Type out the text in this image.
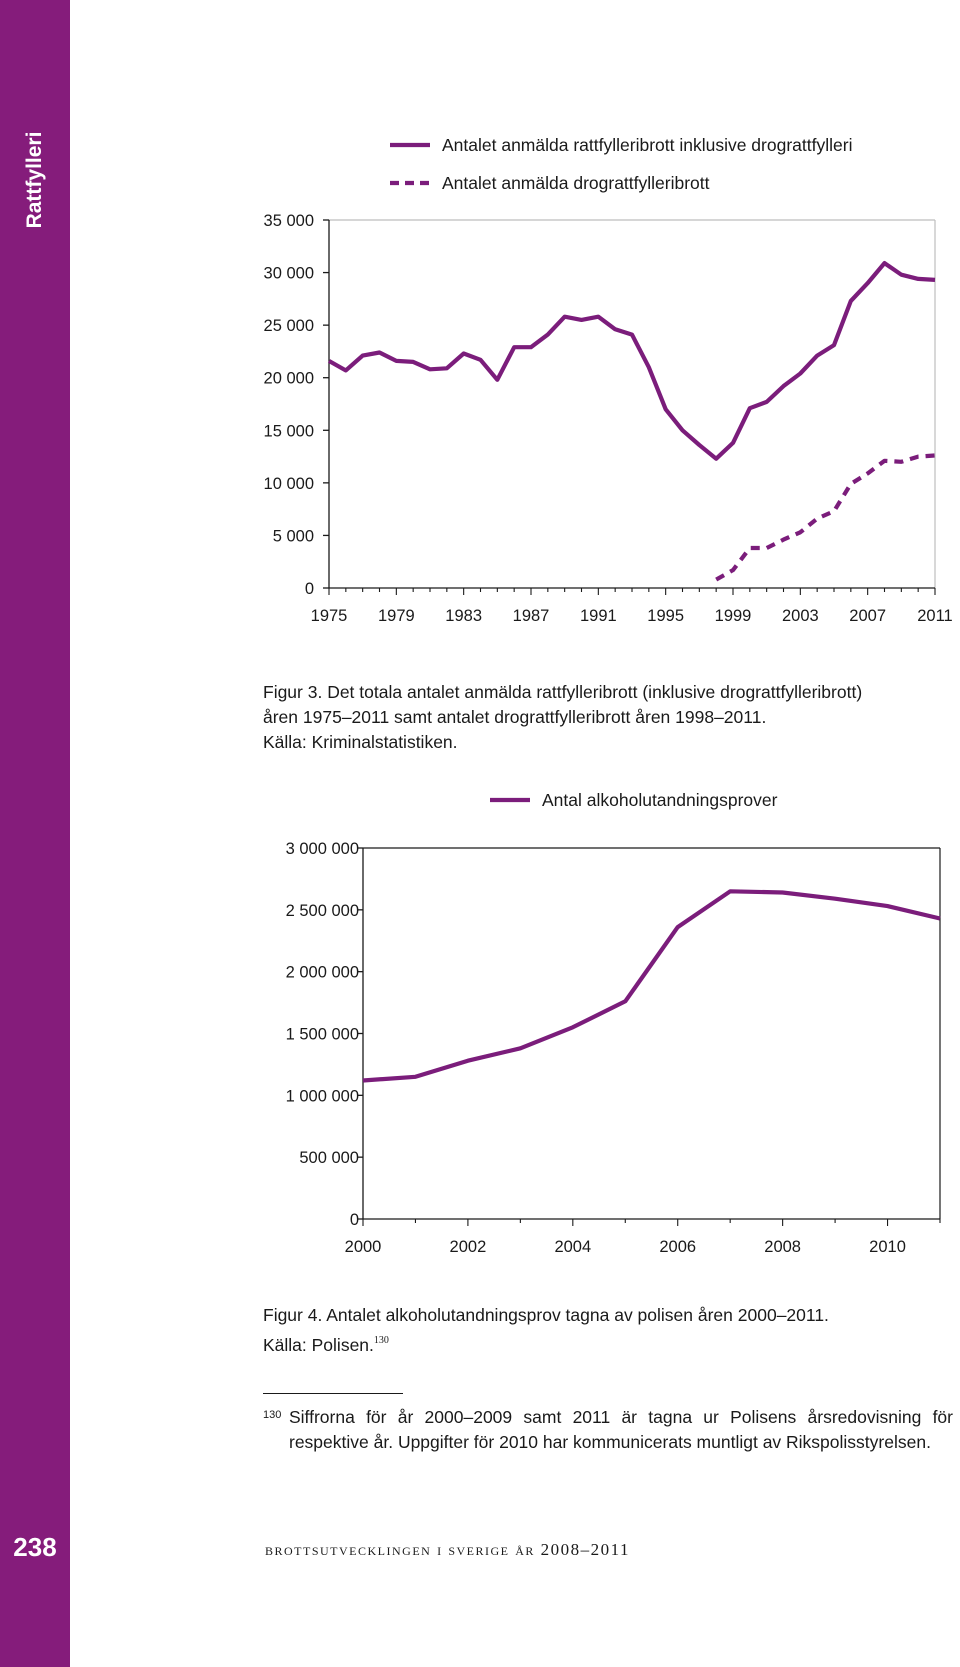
Rattfylleri
238
0
5 000
10 000
15 000
20 000
25 000
30 000
35 000
1975 1979 1983 1987 1991 1995 1999 2003 2007 2011
Antalet anmälda rattfylleribrott inklusive drograttfylleri
Antalet anmälda drograttfylleribrott

Figur 3. Det totala antalet anmälda rattfylleribrott (inklusive drograttfylleribrott)

åren 1975–2011 samt antalet drograttfylleribrott åren 1998–2011.

Källa: Kriminalstatistiken.

0
500 000
1 000 000
1 500 000
2 000 000
2 500 000
3 000 000
2000	2002	2004	2006	2008	2010
Antal alkoholutandningsprover

Figur 4. Antalet alkoholutandningsprov tagna av polisen åren 2000–2011.

Källa: Polisen.$^{130}$

130 Siffrorna för år 2000–2009 samt 2011 är tagna ur Polisens årsredovisning för respektive år. Uppgifter för 2010 har kommunicerats muntligt av Rikspolisstyrelsen.
brottsutvecklingen i sverige år 2008–2011
